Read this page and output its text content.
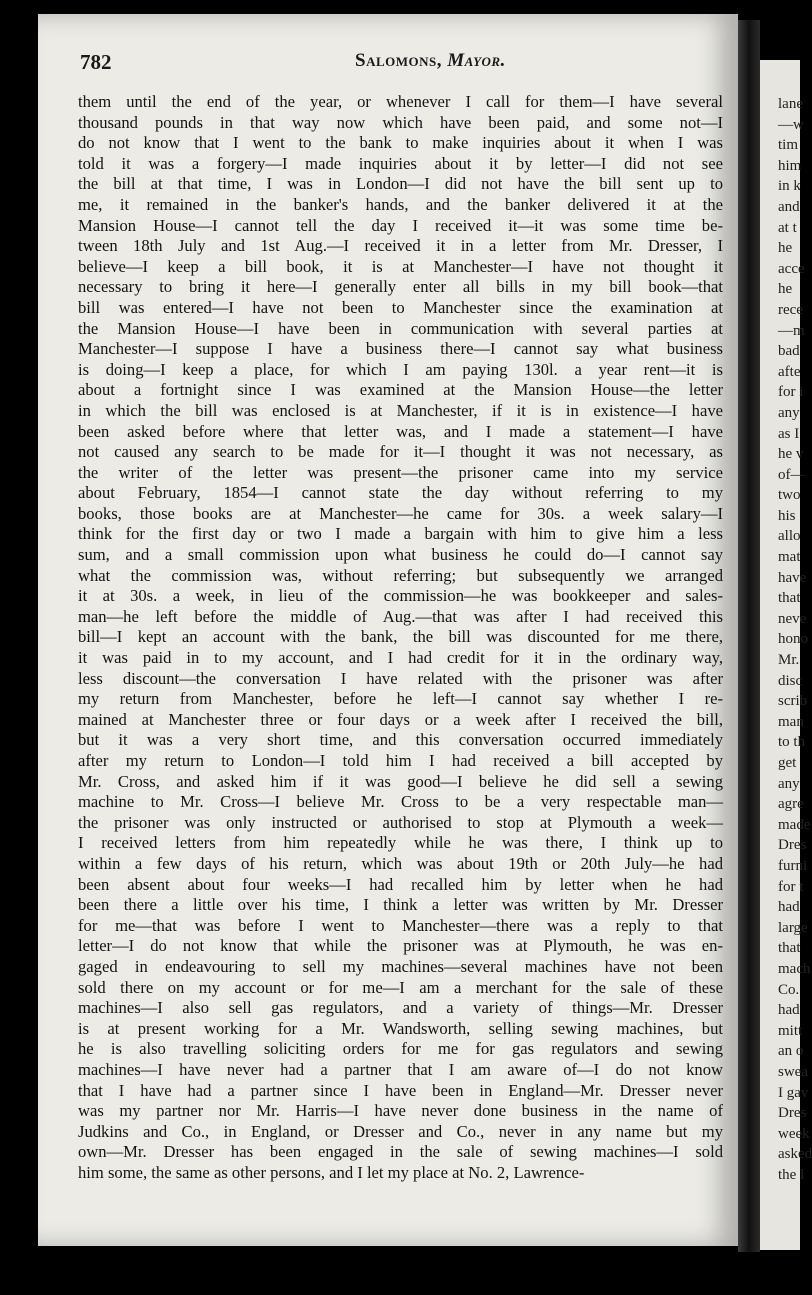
lane
—w
tim
him
in k
and
at t
he
acce
he
rece
—m
bad
afte
for i
any
as I
he v
of—
two
his
allo
mat
have
that
neve
hono
Mr.
disc
scrib
man
to th
get
any
agre
made
Dres
furni
for t
had
large
that
mach
Co.
had
mitt
an o
swea
I gav
Dres
week
asked
the l
782	Salomons, Mayor.
them until the end of the year, or whenever I call for them—I have several
thousand pounds in that way now which have been paid, and some not—I
do not know that I went to the bank to make inquiries about it when I was
told it was a forgery—I made inquiries about it by letter—I did not see
the bill at that time, I was in London—I did not have the bill sent up to
me, it remained in the banker's hands, and the banker delivered it at the
Mansion House—I cannot tell the day I received it—it was some time be-
tween 18th July and 1st Aug.—I received it in a letter from Mr. Dresser, I
believe—I keep a bill book, it is at Manchester—I have not thought it
necessary to bring it here—I generally enter all bills in my bill book—that
bill was entered—I have not been to Manchester since the examination at
the Mansion House—I have been in communication with several parties at
Manchester—I suppose I have a business there—I cannot say what business
is doing—I keep a place, for which I am paying 130l. a year rent—it is
about a fortnight since I was examined at the Mansion House—the letter
in which the bill was enclosed is at Manchester, if it is in existence—I have
been asked before where that letter was, and I made a statement—I have
not caused any search to be made for it—I thought it was not necessary, as
the writer of the letter was present—the prisoner came into my service
about February, 1854—I cannot state the day without referring to my
books, those books are at Manchester—he came for 30s. a week salary—I
think for the first day or two I made a bargain with him to give him a less
sum, and a small commission upon what business he could do—I cannot say
what the commission was, without referring; but subsequently we arranged
it at 30s. a week, in lieu of the commission—he was bookkeeper and sales-
man—he left before the middle of Aug.—that was after I had received this
bill—I kept an account with the bank, the bill was discounted for me there,
it was paid in to my account, and I had credit for it in the ordinary way,
less discount—the conversation I have related with the prisoner was after
my return from Manchester, before he left—I cannot say whether I re-
mained at Manchester three or four days or a week after I received the bill,
but it was a very short time, and this conversation occurred immediately
after my return to London—I told him I had received a bill accepted by
Mr. Cross, and asked him if it was good—I believe he did sell a sewing
machine to Mr. Cross—I believe Mr. Cross to be a very respectable man—
the prisoner was only instructed or authorised to stop at Plymouth a week—
I received letters from him repeatedly while he was there, I think up to
within a few days of his return, which was about 19th or 20th July—he had
been absent about four weeks—I had recalled him by letter when he had
been there a little over his time, I think a letter was written by Mr. Dresser
for me—that was before I went to Manchester—there was a reply to that
letter—I do not know that while the prisoner was at Plymouth, he was en-
gaged in endeavouring to sell my machines—several machines have not been
sold there on my account or for me—I am a merchant for the sale of these
machines—I also sell gas regulators, and a variety of things—Mr. Dresser
is at present working for a Mr. Wandsworth, selling sewing machines, but
he is also travelling soliciting orders for me for gas regulators and sewing
machines—I have never had a partner that I am aware of—I do not know
that I have had a partner since I have been in England—Mr. Dresser never
was my partner nor Mr. Harris—I have never done business in the name of
Judkins and Co., in England, or Dresser and Co., never in any name but my
own—Mr. Dresser has been engaged in the sale of sewing machines—I sold
him some, the same as other persons, and I let my place at No. 2, Lawrence-
